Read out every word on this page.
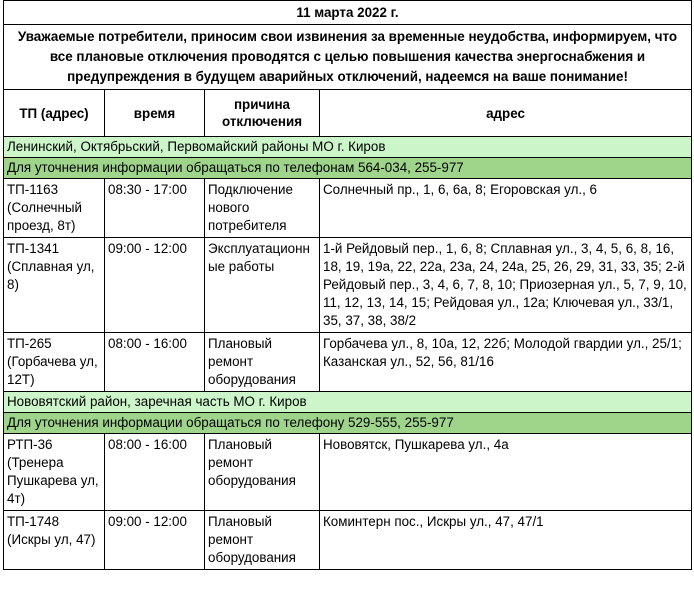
11 марта 2022 г.			
Уважаемые потребители, приносим свои извинения за временные неудобства, информируем, что все плановые отключения проводятся с целью повышения качества энергоснабжения и предупреждения в будущем аварийных отключений, надеемся на ваше понимание!			
ТП (адрес)	время	причина отключения	адрес
Ленинский, Октябрьский, Первомайский районы МО г. Киров			
Для уточнения информации обращаться по телефонам 564-034, 255-977			
ТП-1163 (Солнечный проезд, 8т)	08:30 - 17:00	Подключение нового потребителя	Солнечный пр., 1, 6, 6а, 8; Егоровская ул., 6
ТП-1341 (Сплавная ул, 8)	09:00 - 12:00	Эксплуатационные работы	1-й Рейдовый пер., 1, 6, 8; Сплавная ул., 3, 4, 5, 6, 8, 16, 18, 19, 19а, 22, 22а, 23а, 24, 24а, 25, 26, 29, 31, 33, 35; 2-й Рейдовый пер., 3, 4, 6, 7, 8, 10; Приозерная ул., 5, 7, 9, 10, 11, 12, 13, 14, 15; Рейдовая ул., 12а; Ключевая ул., 33/1, 35, 37, 38, 38/2
ТП-265 (Горбачева ул, 12Т)	08:00 - 16:00	Плановый ремонт оборудования	Горбачева ул., 8, 10а, 12, 22б; Молодой гвардии ул., 25/1; Казанская ул., 52, 56, 81/16
Нововятский район, заречная часть МО г. Киров			
Для уточнения информации обращаться по телефону 529-555, 255-977			
РТП-36 (Тренера Пушкарева ул, 4т)	08:00 - 16:00	Плановый ремонт оборудования	Нововятск, Пушкарева ул., 4а
ТП-1748 (Искры ул, 47)	09:00 - 12:00	Плановый ремонт оборудования	Коминтерн пос., Искры ул., 47, 47/1
